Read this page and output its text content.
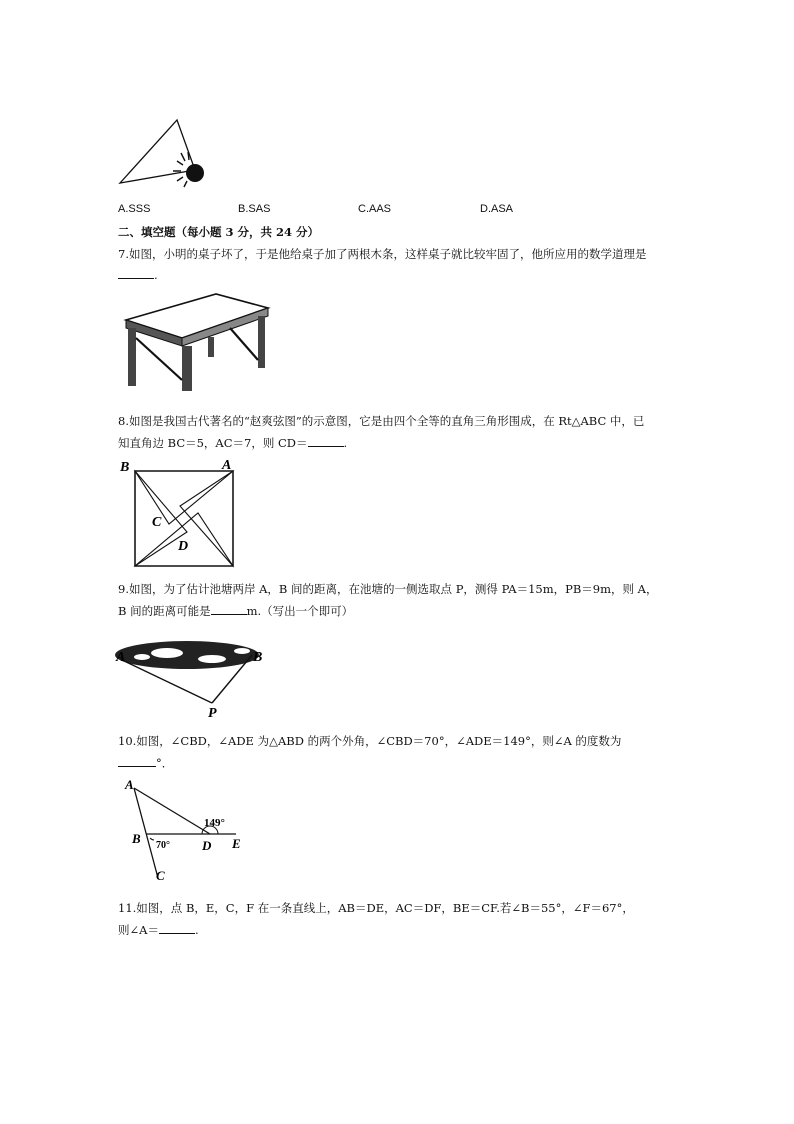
A.SSS	B.SAS	C.AAS	D.ASA
二、填空题（每小题 3 分，共 24 分）
7.如图，小明的桌子坏了，于是他给桌子加了两根木条，这样桌子就比较牢固了，他所应用的数学道理是
.
8.如图是我国古代著名的“赵爽弦图”的示意图，它是由四个全等的直角三角形围成，在 Rt△ABC 中，已
知直角边 BC＝5，AC＝7，则 CD＝	.
B	A
C
D
9.如图，为了估计池塘两岸 A，B 间的距离，在池塘的一侧选取点 P，测得 PA＝15m，PB＝9m，则 A，
B 间的距离可能是	m.（写出一个即可）
A	B
P
10.如图，∠CBD，∠ADE 为△ABD 的两个外角，∠CBD＝70°，∠ADE＝149°，则∠A 的度数为
°．
A
B
C
D E
149°
70°
11.如图，点 B，E，C，F 在一条直线上，AB＝DE，AC＝DF，BE＝CF.若∠B＝55°，∠F＝67°，
则∠A＝	.
